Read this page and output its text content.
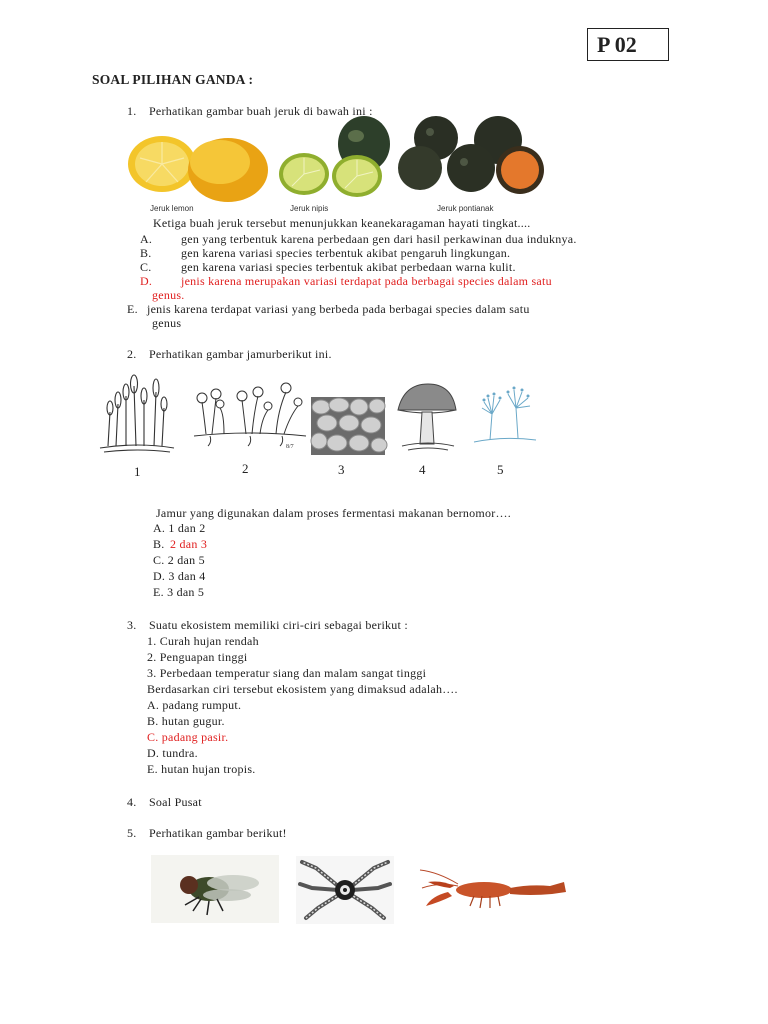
P 02
SOAL PILIHAN GANDA :
1. Perhatikan gambar buah jeruk di bawah ini :
Jeruk lemon	Jeruk nipis	Jeruk pontianak
Ketiga buah jeruk tersebut menunjukkan keanekaragaman hayati tingkat....
A. gen yang terbentuk karena perbedaan gen dari hasil perkawinan dua induknya.
B. gen karena variasi species terbentuk akibat pengaruh lingkungan.
C. gen karena variasi species terbentuk akibat perbedaan warna kulit.
D. jenis karena merupakan variasi terdapat pada berbagai species dalam satu
genus.
E. jenis karena terdapat variasi yang berbeda pada berbagai species dalam satu
genus
2. Perhatikan gambar jamurberikut ini.
8/7
1	2	3	4	5
Jamur yang digunakan dalam proses fermentasi makanan bernomor….
A. 1 dan 2
B. 2 dan 3
C. 2 dan 5
D. 3 dan 4
E. 3 dan 5
3. Suatu ekosistem memiliki ciri-ciri sebagai berikut :
1. Curah hujan rendah
2. Penguapan tinggi
3. Perbedaan temperatur siang dan malam sangat tinggi
Berdasarkan ciri tersebut ekosistem yang dimaksud adalah….
A. padang rumput.
B. hutan gugur.
C. padang pasir.
D. tundra.
E. hutan hujan tropis.
4. Soal Pusat
5. Perhatikan gambar berikut!
